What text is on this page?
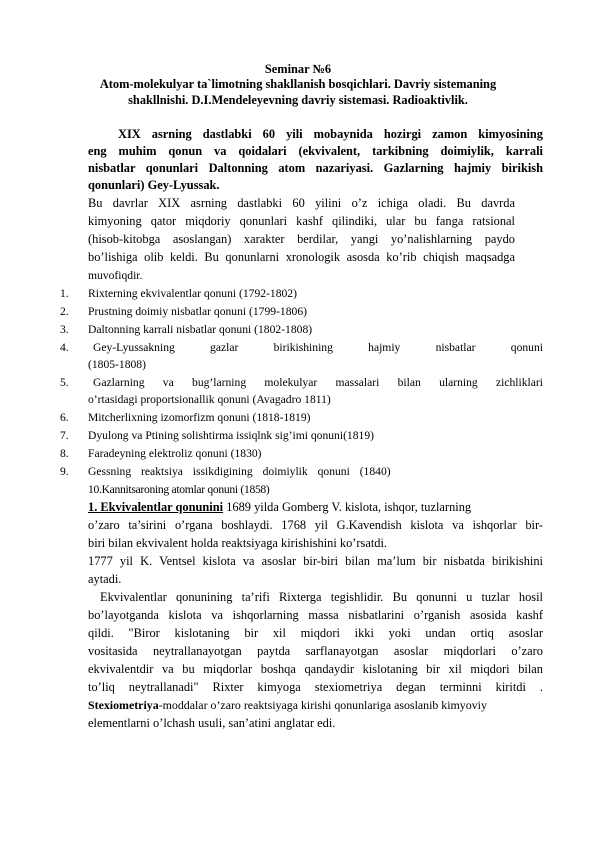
Seminar №6
Atom-molekulyar ta`limotning shakllanish bosqichlari. Davriy sistemaning
shakllnishi. D.I.Mendeleyevning davriy sistemasi. Radioaktivlik.
XIX asrning dastlabki 60 yili mobaynida hozirgi zamon kimyosining
eng muhim qonun va qoidalari (ekvivalent, tarkibning doimiylik, karrali
nisbatlar qonunlari Daltonning atom nazariyasi. Gazlarning hajmiy birikish
qonunlari) Gey-Lyussak.
Bu davrlar XIX asrning dastlabki 60 yilini o’z ichiga oladi. Bu davrda
kimyoning qator miqdoriy qonunlari kashf qilindiki, ular bu fanga ratsional
(hisob-kitobga asoslangan) xarakter berdilar, yangi yo’nalishlarning paydo
bo’lishiga olib keldi. Bu qonunlarni xronologik asosda ko’rib chiqish maqsadga
muvofiqdir.
1. Rixterning ekvivalentlar qonuni (1792-1802)
2. Prustning doimiy nisbatlar qonuni (1799-1806)
3. Daltonning karrali nisbatlar qonuni (1802-1808)
4. Gey-Lyussakning gazlar birikishining hajmiy nisbatlar qonuni
(1805-1808)
5. Gazlarning va bug’larning molekulyar massalari bilan ularning zichliklari
o’rtasidagi proportsionallik qonuni (Avagadro 1811)
6. Mitcherlixning izomorfizm qonuni (1818-1819)
7. Dyulong va Ptining solishtirma issiqlnk sig’imi qonuni(1819)
8. Faradeyning elektroliz qonuni (1830)
9. Gessning reaktsiya issikdigining doimiylik qonuni (1840)
10.Kannitsaroning atomlar qonuni (1858)
1. Ekvivalentlar qonunini 1689 yilda Gomberg V. kislota, ishqor, tuzlarning
o’zaro ta’sirini o’rgana boshlaydi. 1768 yil G.Kavendish kislota va ishqorlar bir-
biri bilan ekvivalent holda reaktsiyaga kirishishini ko’rsatdi.
1777 yil K. Ventsel kislota va asoslar bir-biri bilan ma’lum bir nisbatda birikishini
aytadi.
Ekvivalentlar qonunining ta’rifi Rixterga tegishlidir. Bu qonunni u tuzlar hosil
bo’layotganda kislota va ishqorlarning massa nisbatlarini o’rganish asosida kashf
qildi. "Biror kislotaning bir xil miqdori ikki yoki undan ortiq asoslar
vositasida neytrallanayotgan paytda sarflanayotgan asoslar miqdorlari o’zaro
ekvivalentdir va bu miqdorlar boshqa qandaydir kislotaning bir xil miqdori bilan
to’liq neytrallanadi" Rixter kimyoga stexiometriya degan terminni kiritdi .
Stexiometriya-moddalar o’zaro reaktsiyaga kirishi qonunlariga asoslanib kimyoviy
elementlarni o’lchash usuli, san’atini anglatar edi.
